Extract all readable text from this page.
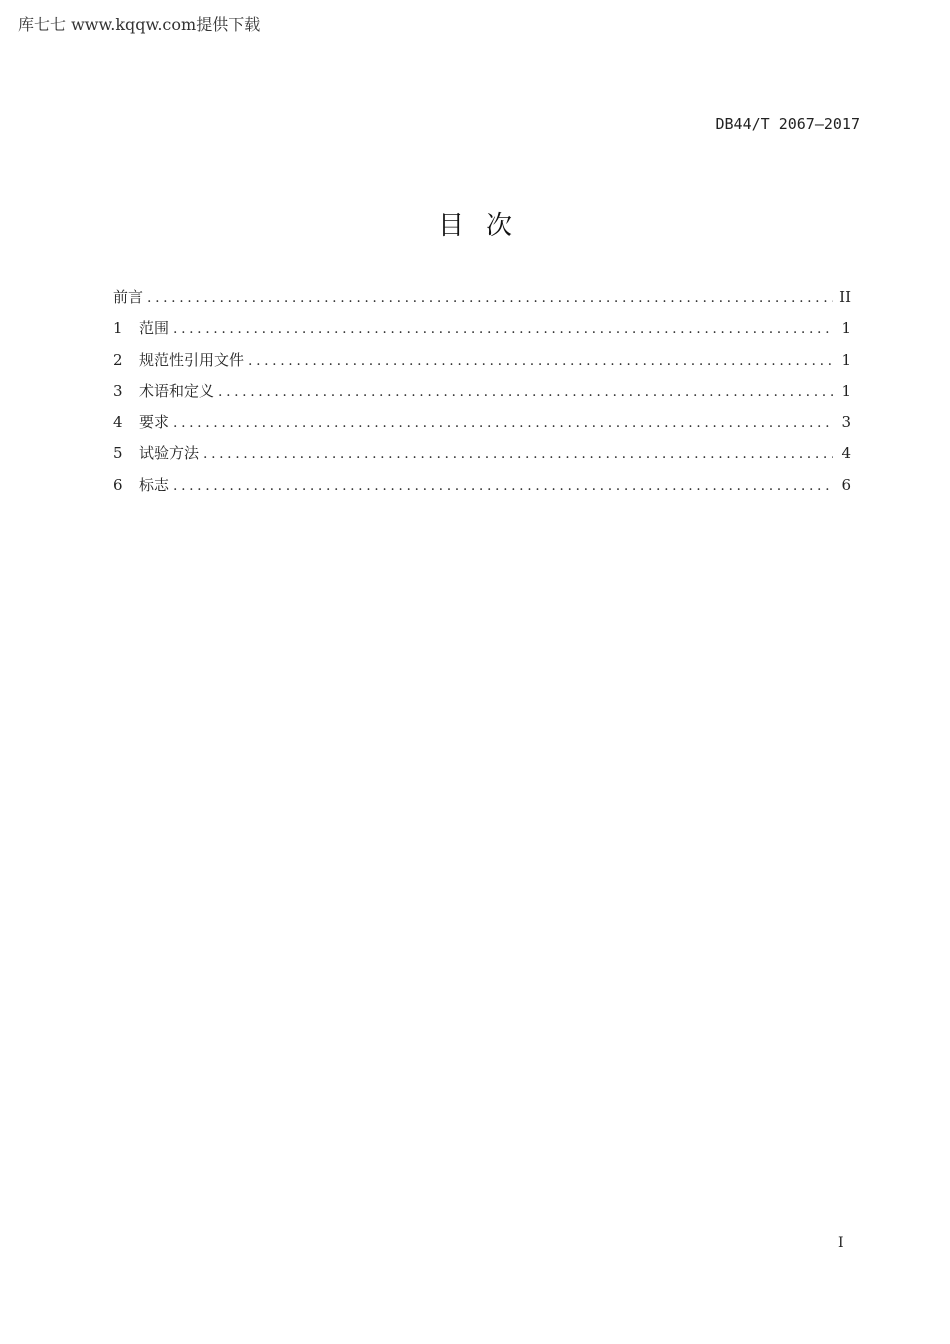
库七七 www.kqqw.com提供下载
DB44/T 2067—2017
目次
前言 .....	II
1	范围 .....	1
2	规范性引用文件 .....	1
3	术语和定义 .....	1
4	要求 .....	3
5	试验方法 .....	4
6	标志 .....	6
I
